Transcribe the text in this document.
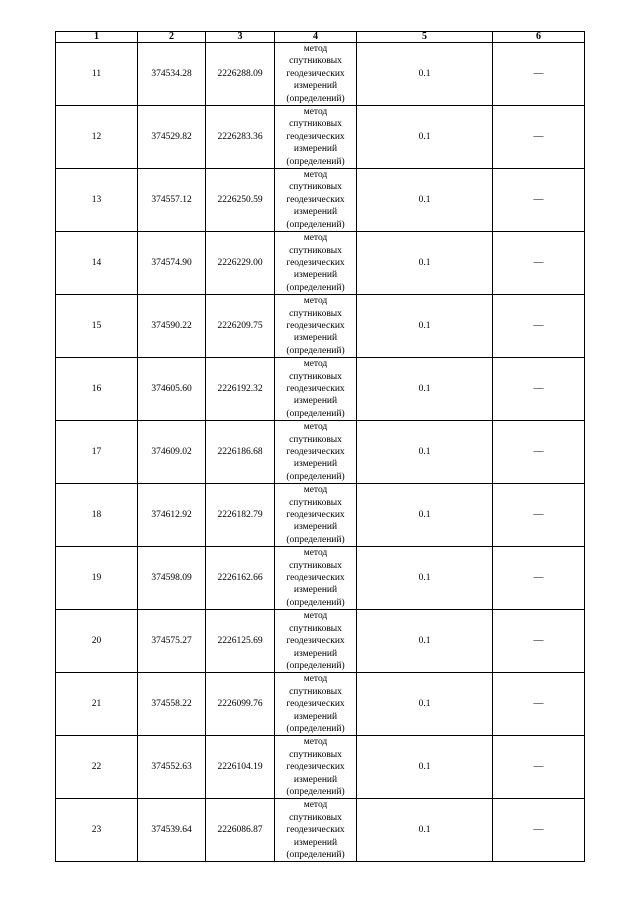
1	2	3	4	5	6
11	374534.28	2226288.09	метод спутниковых геодезических измерений (определений)	0.1	—
12	374529.82	2226283.36	метод спутниковых геодезических измерений (определений)	0.1	—
13	374557.12	2226250.59	метод спутниковых геодезических измерений (определений)	0.1	—
14	374574.90	2226229.00	метод спутниковых геодезических измерений (определений)	0.1	—
15	374590.22	2226209.75	метод спутниковых геодезических измерений (определений)	0.1	—
16	374605.60	2226192.32	метод спутниковых геодезических измерений (определений)	0.1	—
17	374609.02	2226186.68	метод спутниковых геодезических измерений (определений)	0.1	—
18	374612.92	2226182.79	метод спутниковых геодезических измерений (определений)	0.1	—
19	374598.09	2226162.66	метод спутниковых геодезических измерений (определений)	0.1	—
20	374575.27	2226125.69	метод спутниковых геодезических измерений (определений)	0.1	—
21	374558.22	2226099.76	метод спутниковых геодезических измерений (определений)	0.1	—
22	374552.63	2226104.19	метод спутниковых геодезических измерений (определений)	0.1	—
23	374539.64	2226086.87	метод спутниковых геодезических измерений (определений)	0.1	—
